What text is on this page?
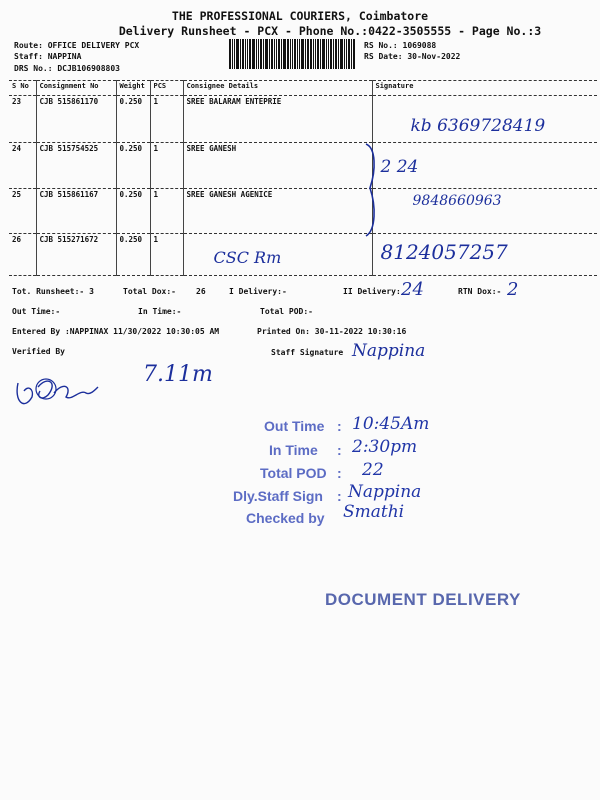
THE PROFESSIONAL COURIERS, Coimbatore
Delivery Runsheet - PCX - Phone No.:0422-3505555 - Page No.:3
Route: OFFICE DELIVERY PCX
Staff: NAPPINA
DRS No.: DCJB106908803
RS No.: 1069088
RS Date: 30-Nov-2022
S No	Consignment No	Weight	PCS	Consignee Details	Signature
23	CJB 515861170	0.250	1	SREE BALARAM ENTEPRIE	kb 6369728419

24	CJB 515754525	0.250	1	SREE GANESH	2 24

25	CJB 515861167	0.250	1	SREE GANESH AGENICE	9848660963

26	CJB 515271672	0.250	1	CSC Rm	8124057257
Tot. Runsheet:- 3	Total Dox:-	26	I Delivery:-	II Delivery: 24	RTN Dox:- 2
Out Time:-	In Time:-	Total POD:-
Entered By :NAPPINAX 11/30/2022 10:30:05 AM	Printed On: 30-11-2022 10:30:16
Verified By	Staff Signature Nappina
7.11m
Out Time : 10:45Am
In Time : 2:30pm
Total POD : 22
Dly.Staff Sign : Nappina
Checked by Smathi
DOCUMENT DELIVERY
